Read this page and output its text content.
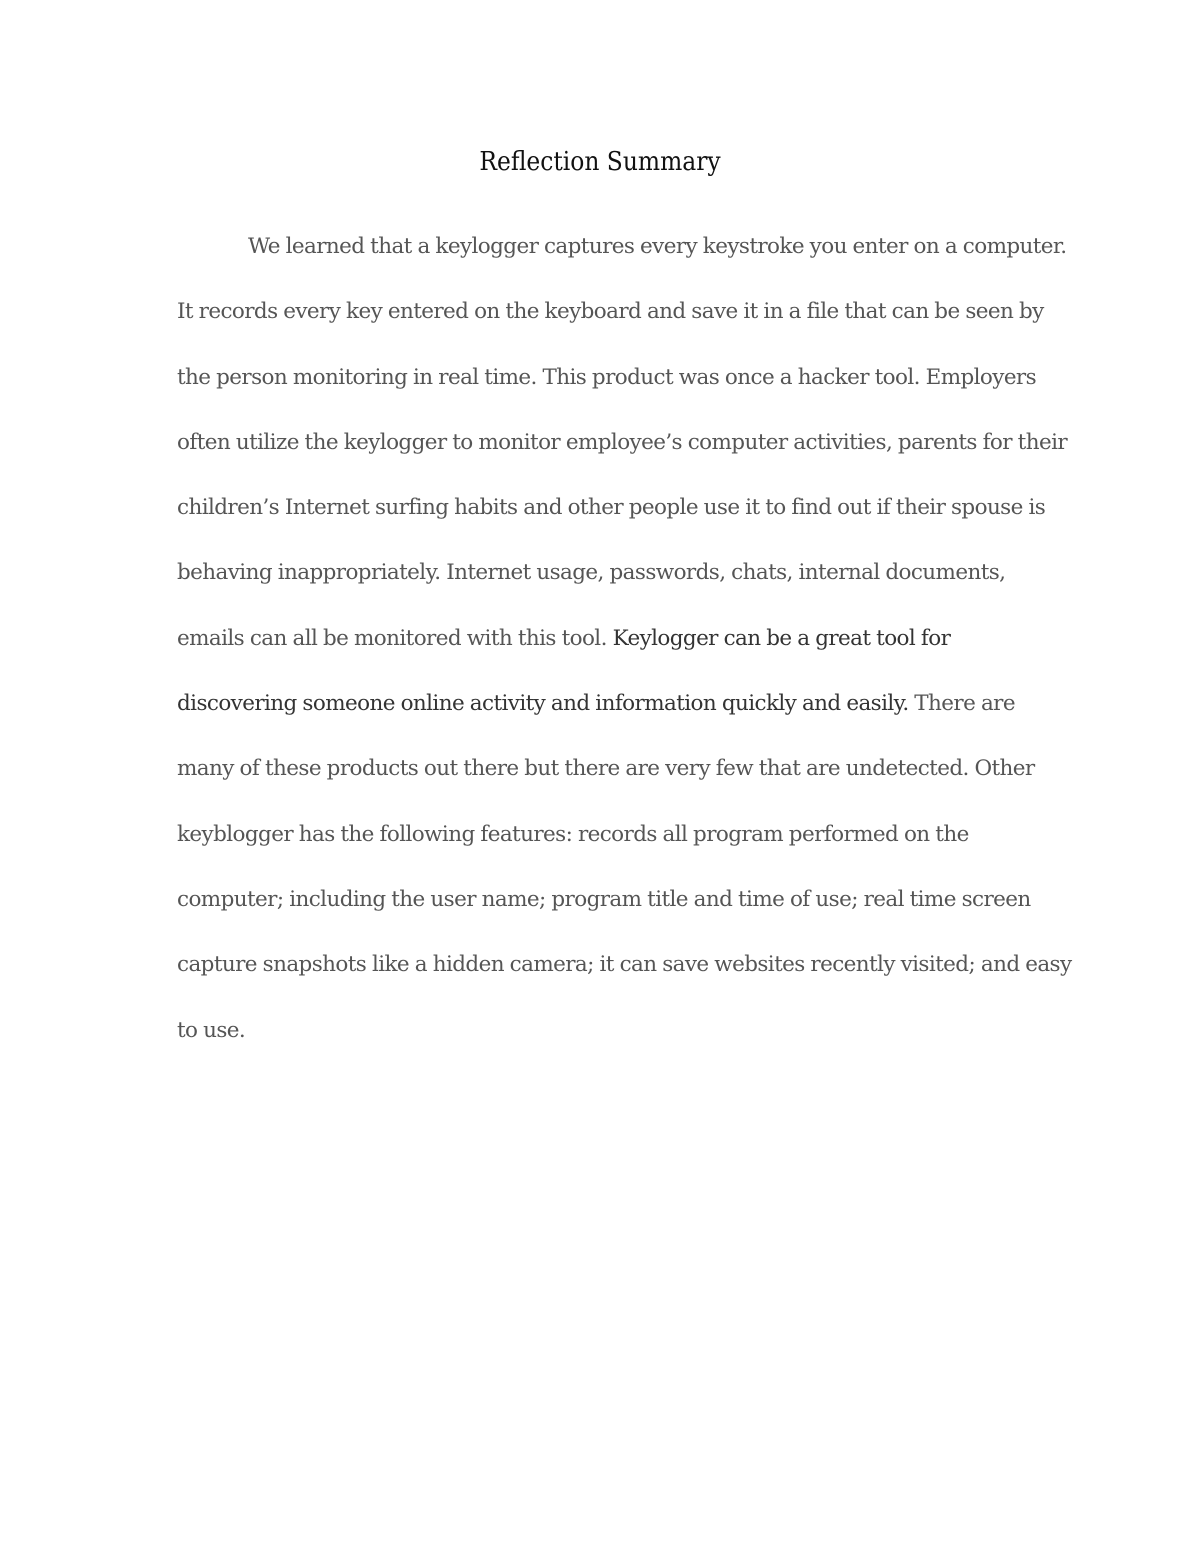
Reflection Summary
We learned that a keylogger captures every keystroke you enter on a computer.
It records every key entered on the keyboard and save it in a file that can be seen by
the person monitoring in real time. This product was once a hacker tool. Employers
often utilize the keylogger to monitor employee’s computer activities, parents for their
children’s Internet surfing habits and other people use it to find out if their spouse is
behaving inappropriately. Internet usage, passwords, chats, internal documents,
emails can all be monitored with this tool. Keylogger can be a great tool for
discovering someone online activity and information quickly and easily. There are
many of these products out there but there are very few that are undetected. Other
keyblogger has the following features: records all program performed on the
computer; including the user name; program title and time of use; real time screen
capture snapshots like a hidden camera; it can save websites recently visited; and easy
to use.
